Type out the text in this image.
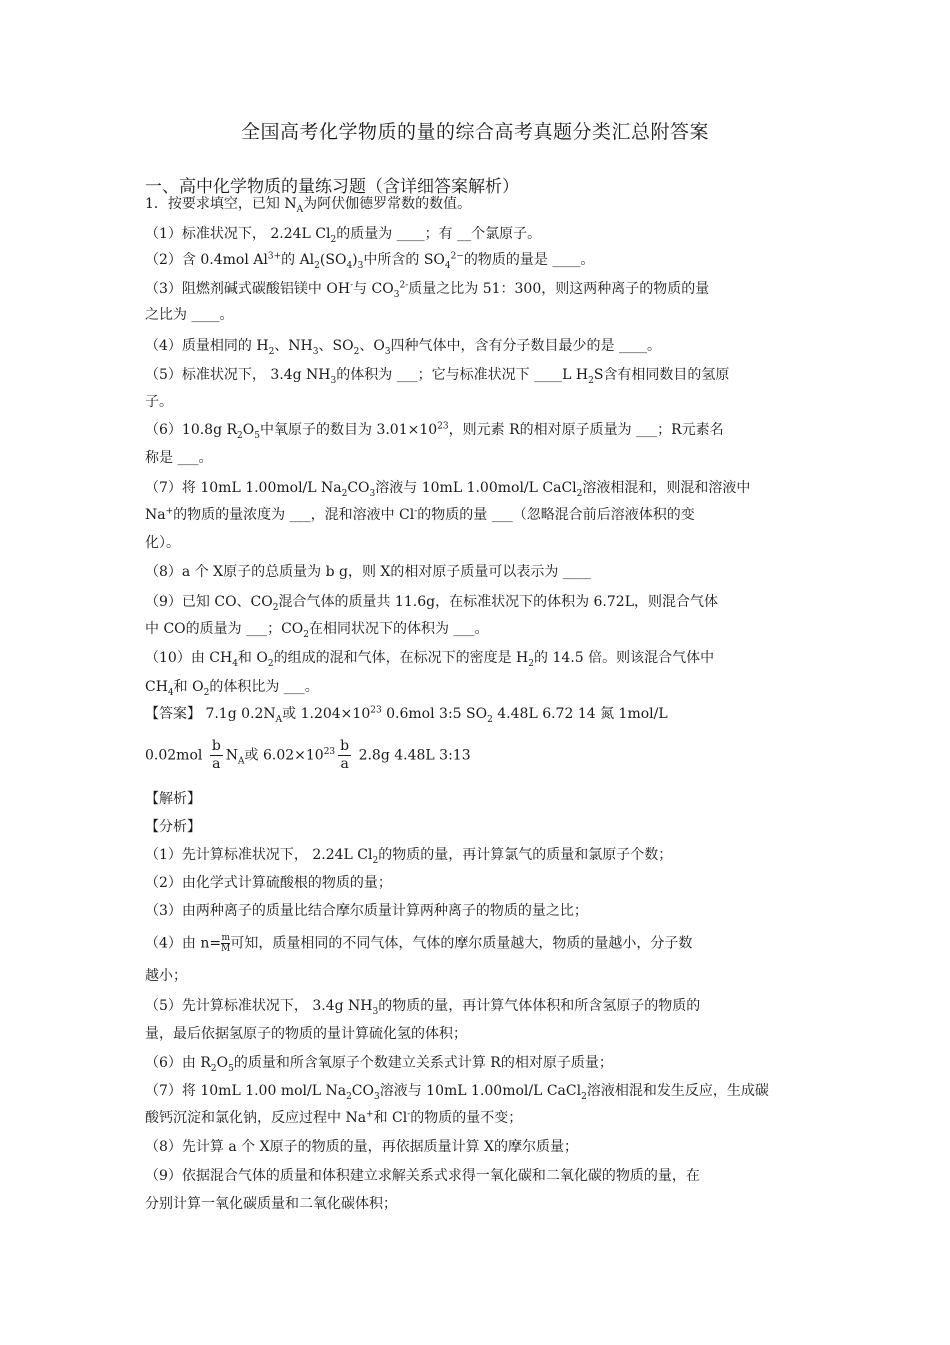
全国高考化学物质的量的综合高考真题分类汇总附答案
一、高中化学物质的量练习题（含详细答案解析）
1．按要求填空，已知 $N_A$为阿伏伽德罗常数的数值。
（1）标准状况下， 2.24L $Cl_2$的质量为 ____；有 __个氯原子。
（2）含 0.4mol $Al^{3+}$的 $Al_2(SO_4)_3$中所含的 $SO_4^{2-}$的物质的量是 ____。
（3）阻燃剂碱式碳酸铝镁中 OH-与 $CO_3^{2-}$质量之比为 51：300，则这两种离子的物质的量
之比为 ____。
（4）质量相同的 $H_2$、$NH_3$、$SO_2$、$O_3$四种气体中，含有分子数目最少的是 ____。
（5）标准状况下， 3.4g $NH_3$的体积为 ___；它与标准状况下 ____L $H_2S$含有相同数目的氢原
子。
（6）10.8g $R_2O_5$中氧原子的数目为 $3.01\times 10^{23}$，则元素 R的相对原子质量为 ___；R元素名
称是 ___。
（7）将 10mL 1.00mol/L $Na_2CO_3$溶液与 10mL 1.00mol/L CaCl$_2$溶液相混和，则混和溶液中
Na+的物质的量浓度为 ___，混和溶液中 Cl-的物质的量 ___（忽略混合前后溶液体积的变
化）。
（8）a 个 X原子的总质量为 b g，则 X的相对原子质量可以表示为 ____
（9）已知 CO、$CO_2$混合气体的质量共 11.6g，在标准状况下的体积为 6.72L，则混合气体
中 CO的质量为 ___；$CO_2$在相同状况下的体积为 ___。
（10）由 $CH_4$和 $O_2$的组成的混和气体，在标况下的密度是 $H_2$的 14.5 倍。则该混合气体中
$CH_4$和 $O_2$的体积比为 ___。
【答案】 7.1g $0.2N_A$或 $1.204\times 10^{23}$ 0.6mol 3:5 $SO_2$ 4.48L 6.72 14 氮 1mol/L
$0.02mol \frac{b}{a} N_A$或 $6.02\times 10^{23} \frac{b}{a} 2.8g$ 4.48L 3:13
【解析】
【分析】
（1）先计算标准状况下， 2.24L $Cl_2$的物质的量，再计算氯气的质量和氯原子个数；
（2）由化学式计算硫酸根的物质的量；
（3）由两种离子的质量比结合摩尔质量计算两种离子的物质的量之比；
（4）由 $n= \frac{m}{M}$ 可知，质量相同的不同气体，气体的摩尔质量越大，物质的量越小，分子数
越小；
（5）先计算标准状况下， 3.4g $NH_3$的物质的量，再计算气体体积和所含氢原子的物质的
量，最后依据氢原子的物质的量计算硫化氢的体积；
（6）由 $R_2O_5$的质量和所含氧原子个数建立关系式计算 R的相对原子质量；
（7）将 10mL 1.00 mol/L $Na_2CO_3$溶液与 10mL 1.00mol/L CaCl$_2$溶液相混和发生反应，生成碳
酸钙沉淀和氯化钠，反应过程中 Na+和 Cl-的物质的量不变；
（8）先计算 a 个 X原子的物质的量，再依据质量计算 X的摩尔质量；
（9）依据混合气体的质量和体积建立求解关系式求得一氧化碳和二氧化碳的物质的量，在
分别计算一氧化碳质量和二氧化碳体积；
